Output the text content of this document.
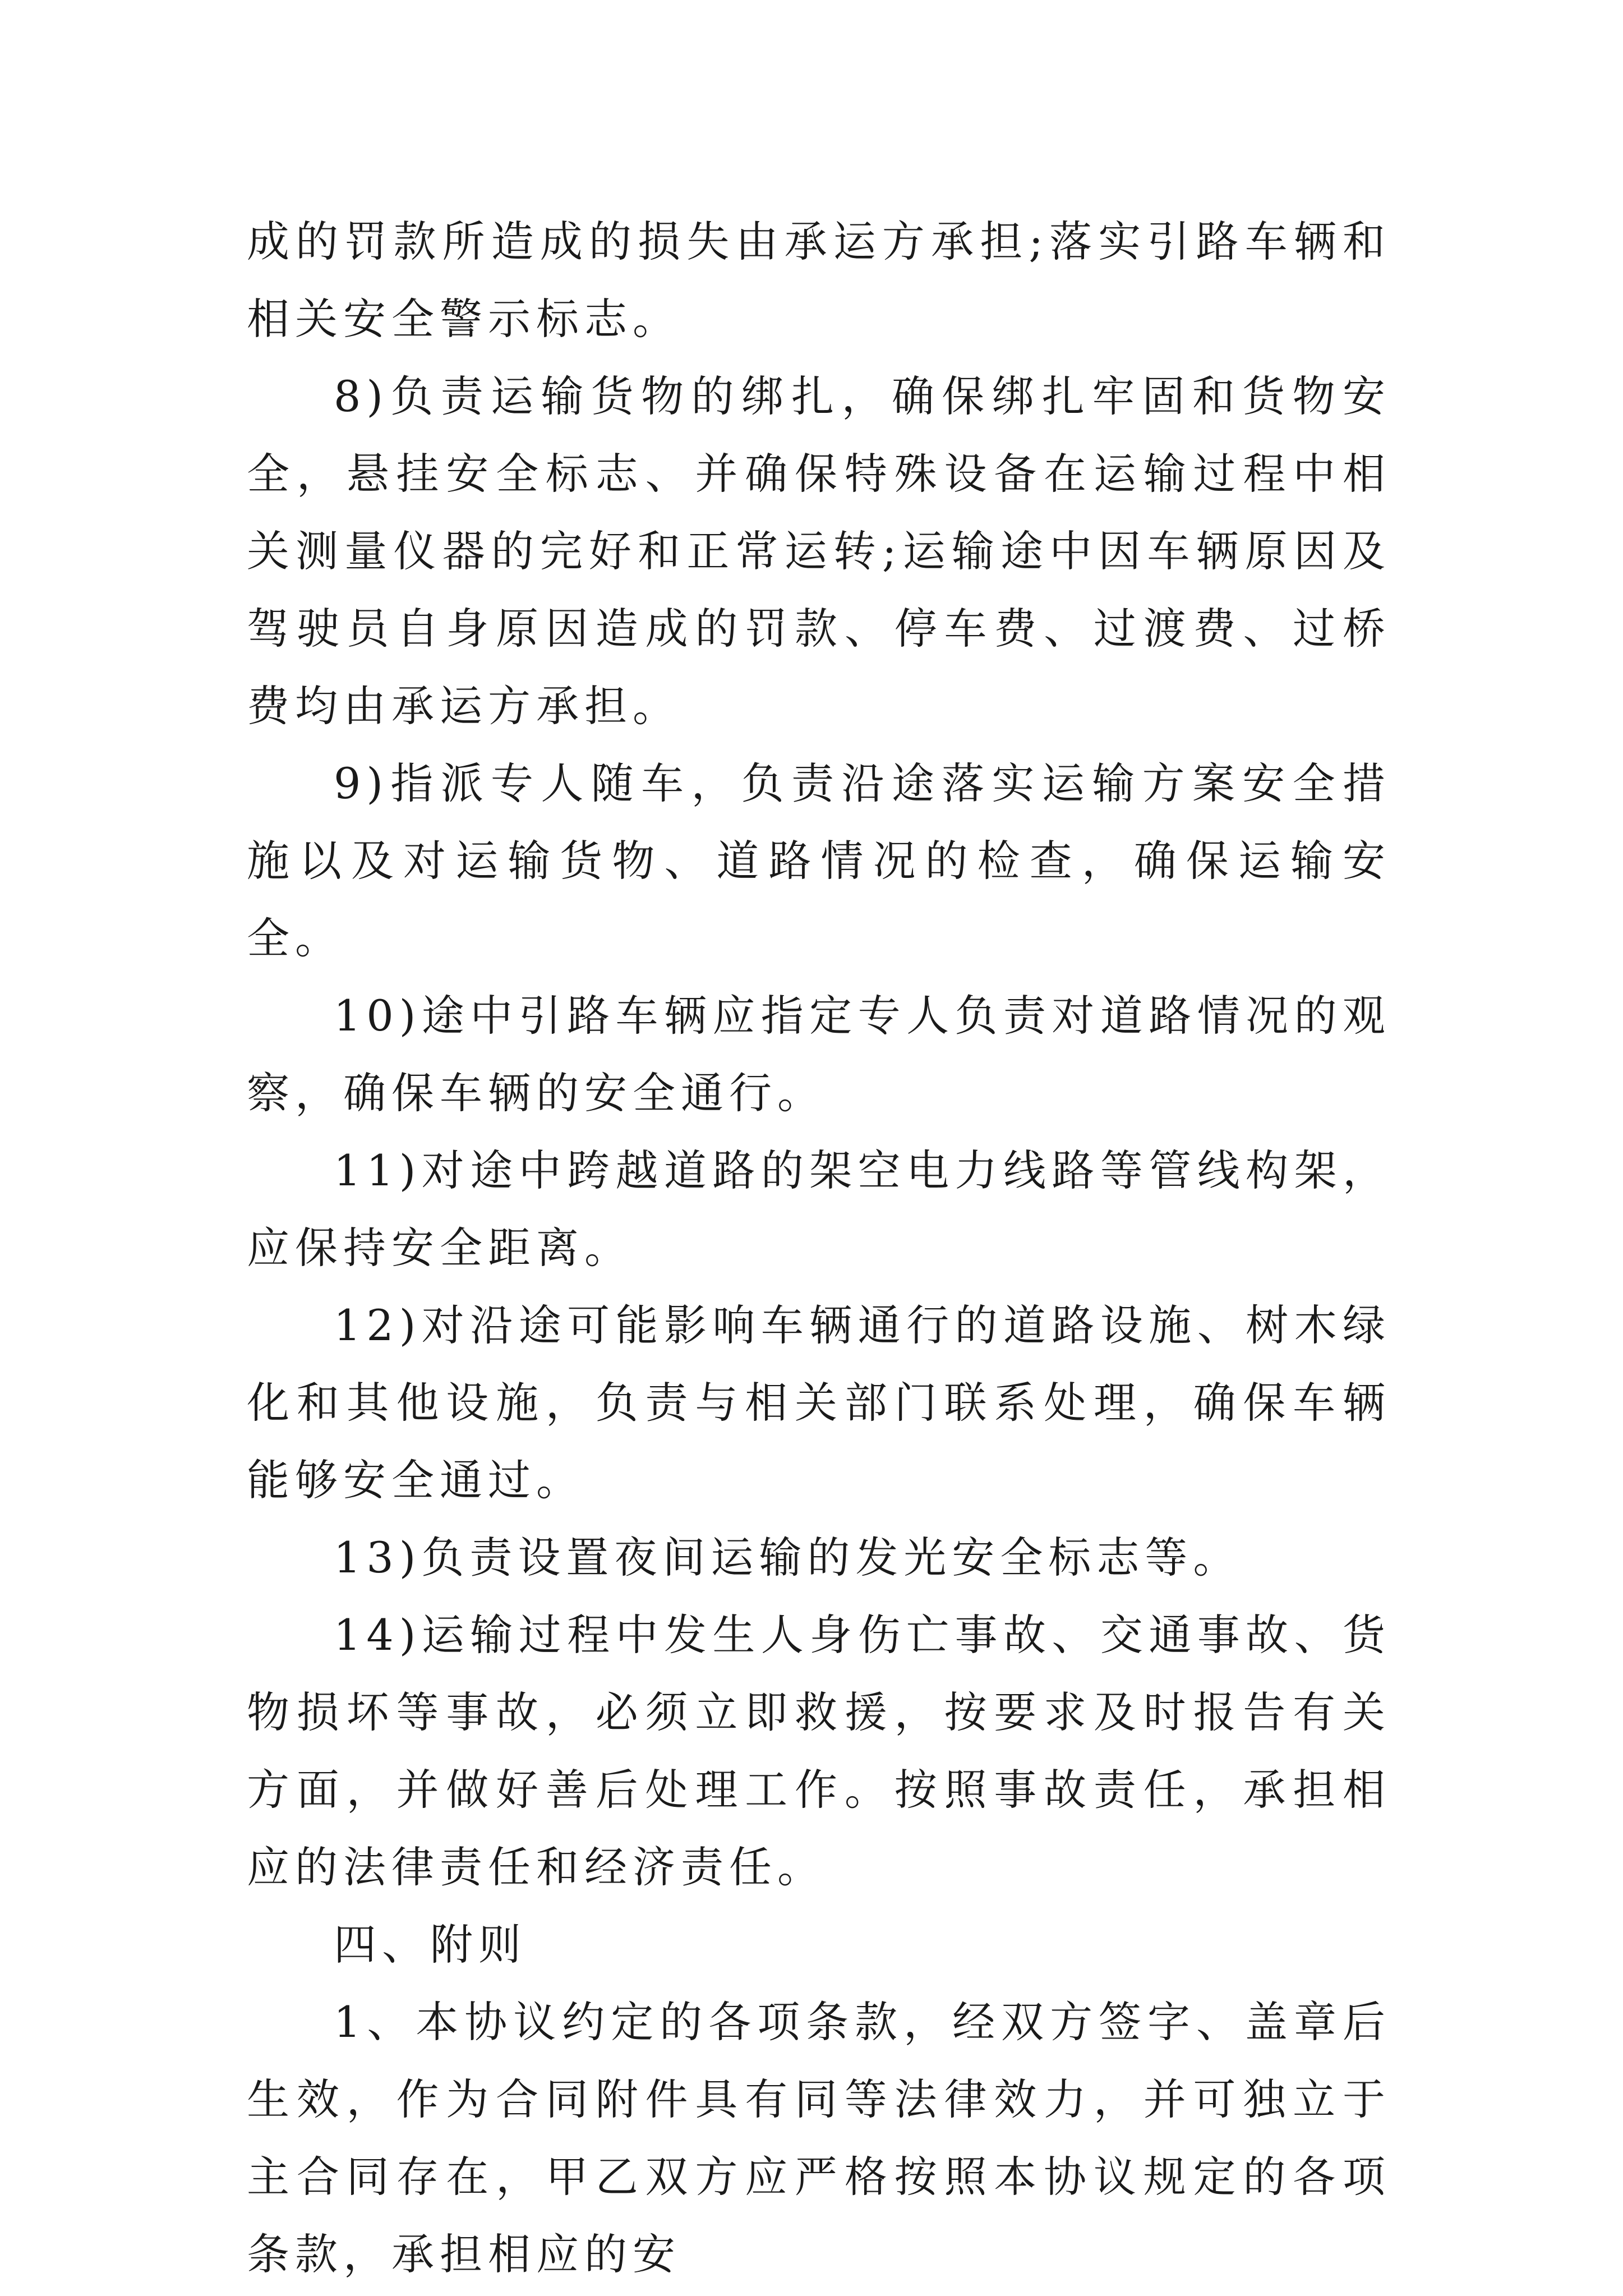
成的罚款所造成的损失由承运方承担;落实引路车辆和相关安全警示标志。

8)负责运输货物的绑扎，确保绑扎牢固和货物安全，悬挂安全标志、并确保特殊设备在运输过程中相关测量仪器的完好和正常运转;运输途中因车辆原因及驾驶员自身原因造成的罚款、停车费、过渡费、过桥费均由承运方承担。

9)指派专人随车，负责沿途落实运输方案安全措施以及对运输货物、道路情况的检查，确保运输安全。

10)途中引路车辆应指定专人负责对道路情况的观察，确保车辆的安全通行。

11)对途中跨越道路的架空电力线路等管线构架，应保持安全距离。

12)对沿途可能影响车辆通行的道路设施、树木绿化和其他设施，负责与相关部门联系处理，确保车辆能够安全通过。

13)负责设置夜间运输的发光安全标志等。

14)运输过程中发生人身伤亡事故、交通事故、货物损坏等事故，必须立即救援，按要求及时报告有关方面，并做好善后处理工作。按照事故责任，承担相应的法律责任和经济责任。

四、附则

1、本协议约定的各项条款，经双方签字、盖章后生效，作为合同附件具有同等法律效力，并可独立于主合同存在，甲乙双方应严格按照本协议规定的各项条款，承担相应的安
